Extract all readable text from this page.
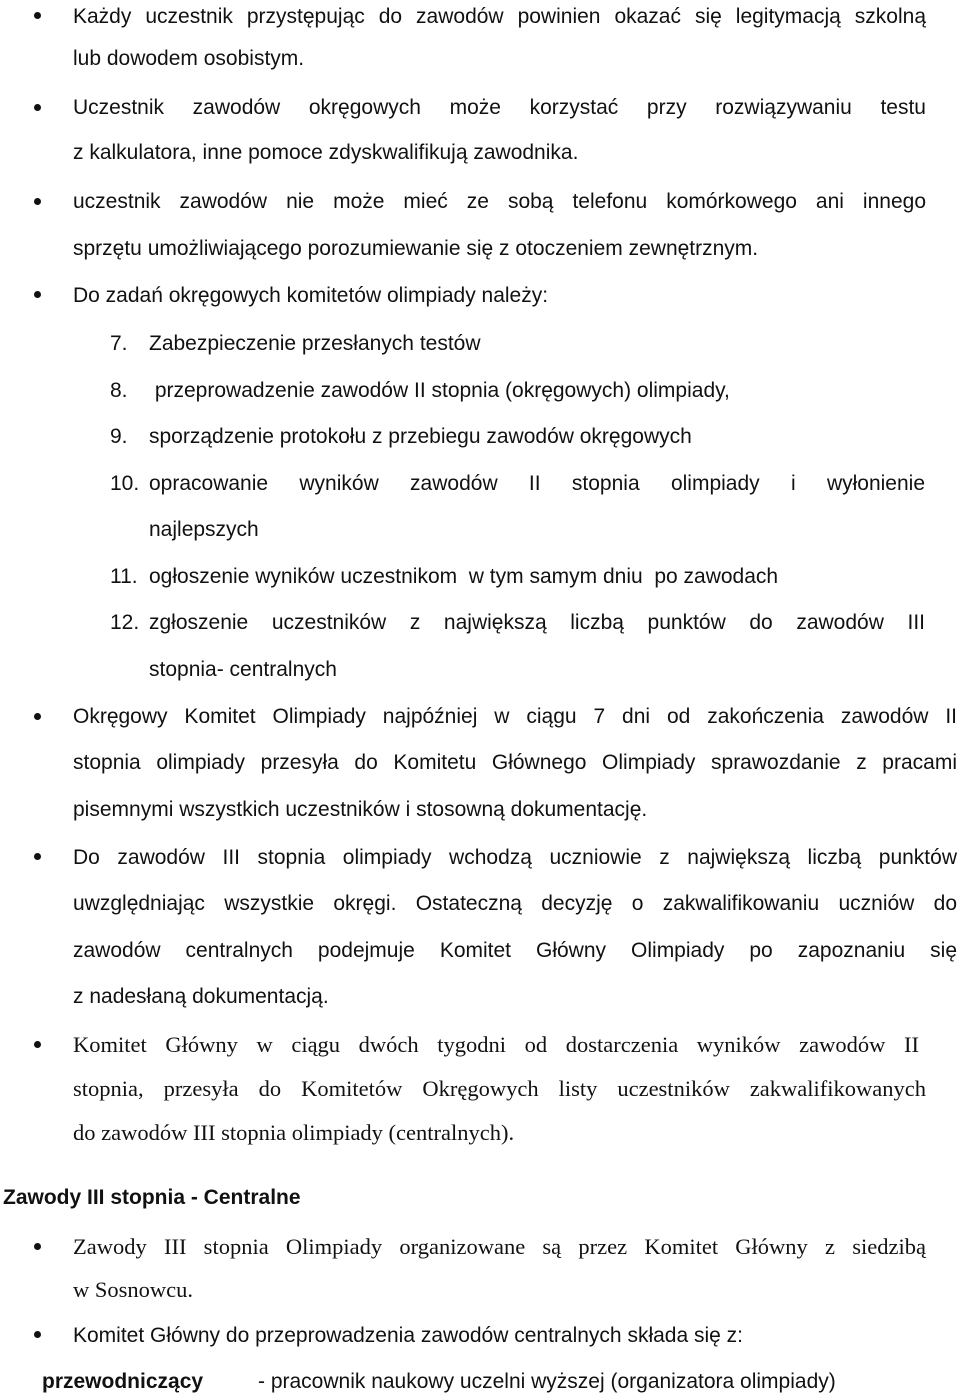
Każdy uczestnik przystępując do zawodów powinien okazać się legitymacją szkolną
lub dowodem osobistym.
Uczestnik zawodów okręgowych może korzystać przy rozwiązywaniu testu
z kalkulatora, inne pomoce zdyskwalifikują zawodnika.
uczestnik zawodów nie może mieć ze sobą telefonu komórkowego ani innego
sprzętu umożliwiającego porozumiewanie się z otoczeniem zewnętrznym.
Do zadań okręgowych komitetów olimpiady należy:
7. Zabezpieczenie przesłanych testów
8. przeprowadzenie zawodów II stopnia (okręgowych) olimpiady,
9. sporządzenie protokołu z przebiegu zawodów okręgowych
10. opracowanie wyników zawodów II stopnia olimpiady i wyłonienie
najlepszych
11. ogłoszenie wyników uczestnikom  w tym samym dniu  po zawodach
12. zgłoszenie uczestników z największą liczbą punktów do zawodów III
stopnia- centralnych
Okręgowy Komitet Olimpiady najpóźniej w ciągu 7 dni od zakończenia zawodów II
stopnia olimpiady przesyła do Komitetu Głównego Olimpiady sprawozdanie z pracami
pisemnymi wszystkich uczestników i stosowną dokumentację.
Do zawodów III stopnia olimpiady wchodzą uczniowie z największą liczbą punktów
uwzględniając wszystkie okręgi. Ostateczną decyzję o zakwalifikowaniu uczniów do
zawodów centralnych podejmuje Komitet Główny Olimpiady po zapoznaniu się
z nadesłaną dokumentacją.
Komitet Główny w ciągu dwóch tygodni od dostarczenia wyników zawodów II
stopnia, przesyła do Komitetów Okręgowych listy uczestników zakwalifikowanych
do zawodów III stopnia olimpiady (centralnych).
Zawody III stopnia - Centralne
Zawody III stopnia Olimpiady organizowane są przez Komitet Główny z siedzibą
w Sosnowcu.
Komitet Główny do przeprowadzenia zawodów centralnych składa się z:
przewodniczący	- pracownik naukowy uczelni wyższej (organizatora olimpiady)
